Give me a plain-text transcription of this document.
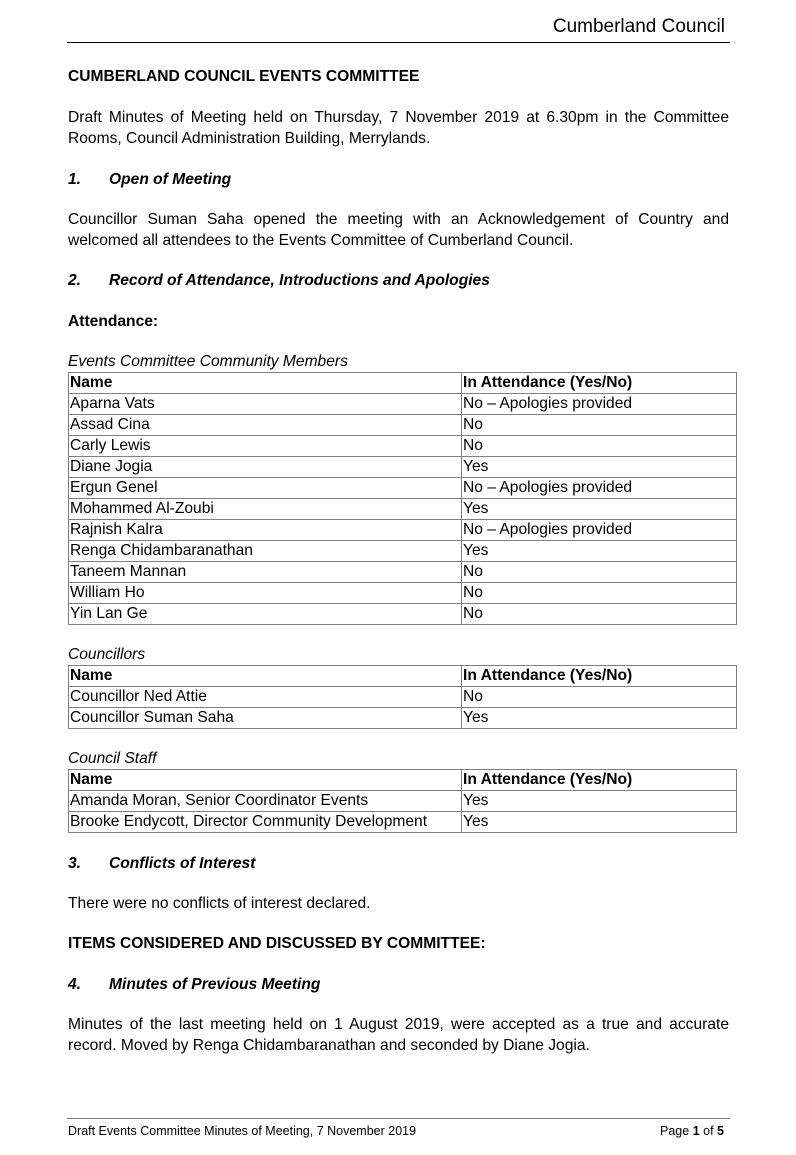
Cumberland Council

CUMBERLAND COUNCIL EVENTS COMMITTEE

Draft Minutes of Meeting held on Thursday, 7 November 2019 at 6.30pm in the Committee Rooms, Council Administration Building, Merrylands.

1.	Open of Meeting

Councillor Suman Saha opened the meeting with an Acknowledgement of Country and welcomed all attendees to the Events Committee of Cumberland Council.

2.	Record of Attendance, Introductions and Apologies

Attendance:

Events Committee Community Members
Name	In Attendance (Yes/No)
Aparna Vats	No – Apologies provided
Assad Cina	No
Carly Lewis	No
Diane Jogia	Yes
Ergun Genel	No – Apologies provided
Mohammed Al-Zoubi	Yes
Rajnish Kalra	No – Apologies provided
Renga Chidambaranathan	Yes
Taneem Mannan	No
William Ho	No
Yin Lan Ge	No
Councillors
Name	In Attendance (Yes/No)
Councillor Ned Attie	No
Councillor Suman Saha	Yes
Council Staff
Name	In Attendance (Yes/No)
Amanda Moran, Senior Coordinator Events	Yes
Brooke Endycott, Director Community Development	Yes
3.	Conflicts of Interest

There were no conflicts of interest declared.

ITEMS CONSIDERED AND DISCUSSED BY COMMITTEE:

4.	Minutes of Previous Meeting

Minutes of the last meeting held on 1 August 2019, were accepted as a true and accurate record. Moved by Renga Chidambaranathan and seconded by Diane Jogia.

Draft Events Committee Minutes of Meeting, 7 November 2019	Page 1 of 5
